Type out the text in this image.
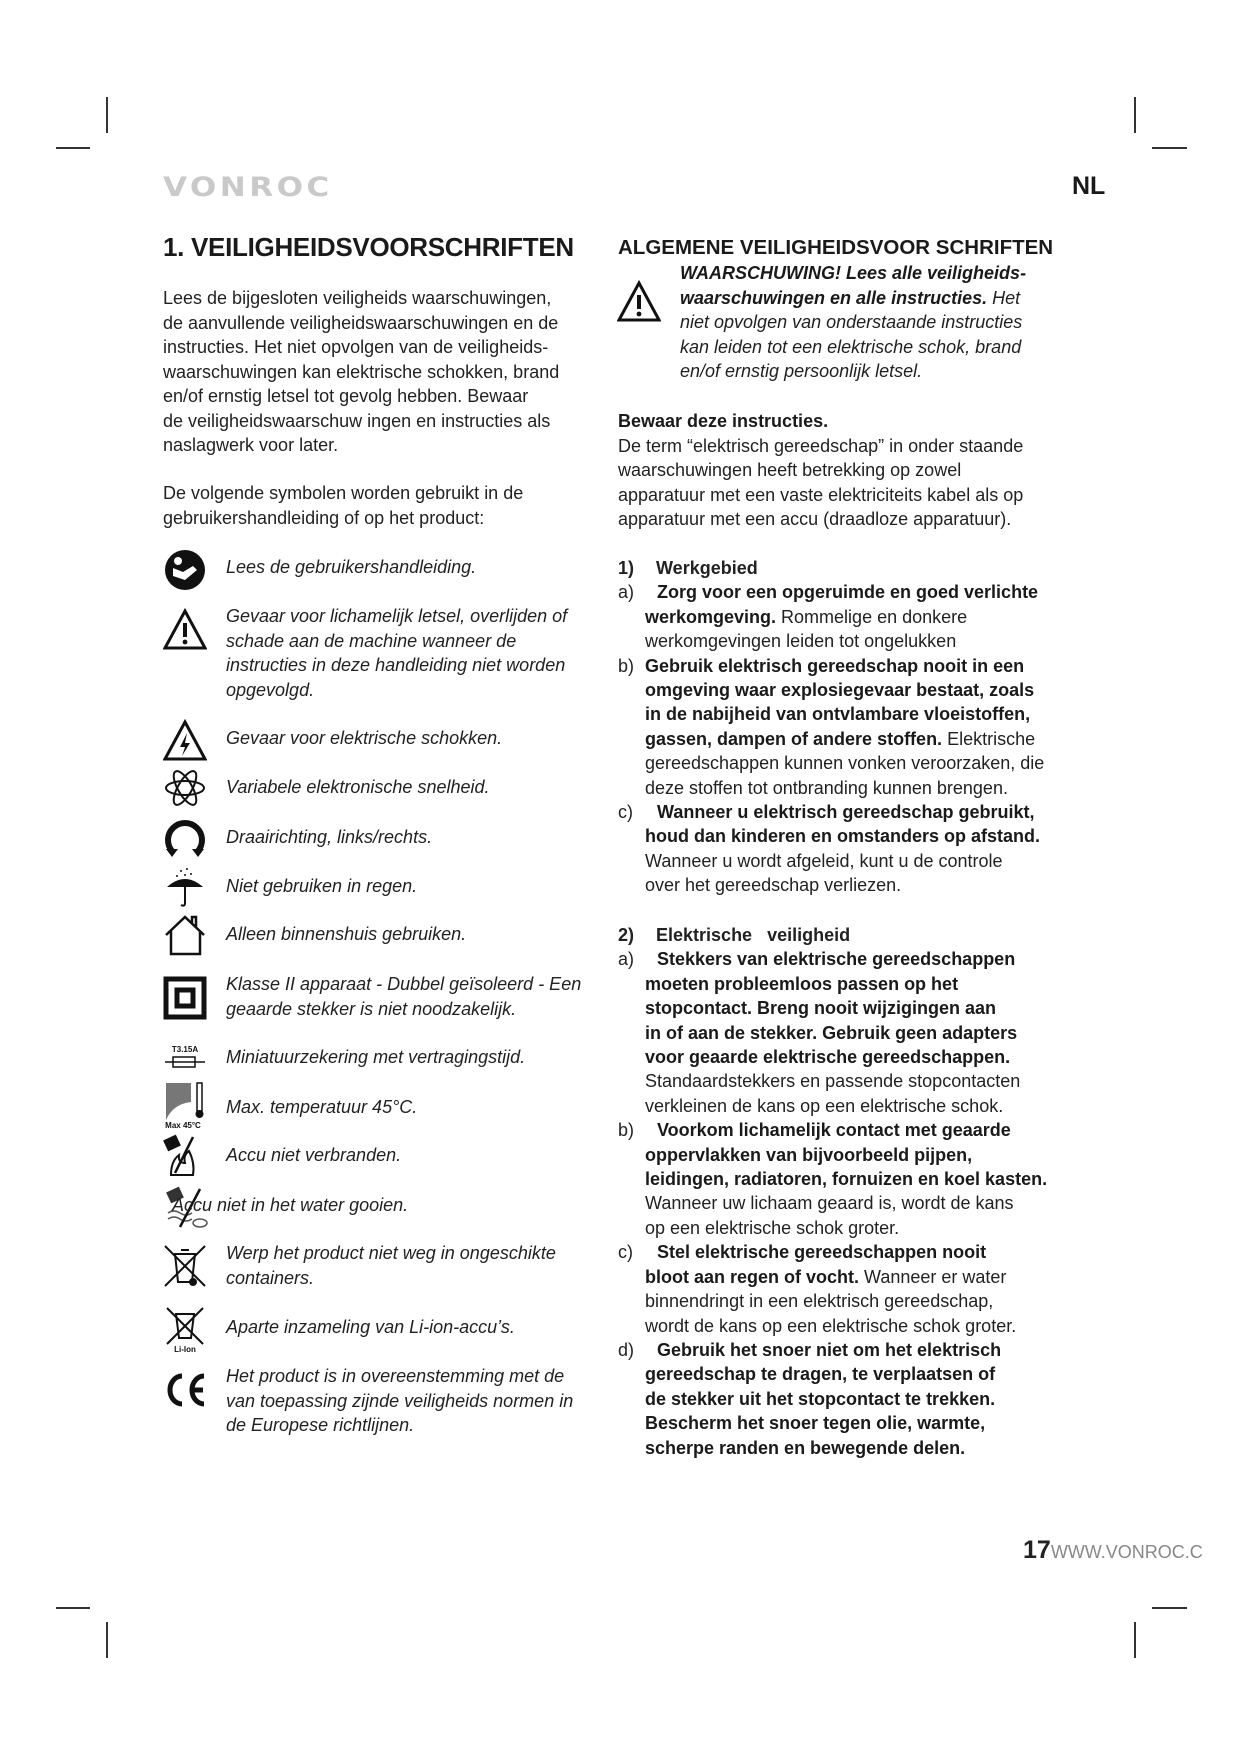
VONROC	NL
1. VEILIGHEIDSVOORSCHRIFTEN
Lees de bijgesloten veiligheids waarschuwingen,
de aanvullende veiligheidswaarschuwingen en de
instructies. Het niet opvolgen van de veiligheids-
waarschuwingen kan elektrische schokken, brand
en/of ernstig letsel tot gevolg hebben. Bewaar
de veiligheidswaarschuw ingen en instructies als
naslagwerk voor later.
De volgende symbolen worden gebruikt in de
gebruikershandleiding of op het product:
Lees de gebruikershandleiding.
Gevaar voor lichamelijk letsel, overlijden of
schade aan de machine wanneer de
instructies in deze handleiding niet worden
opgevolgd.
Gevaar voor elektrische schokken.
Variabele elektronische snelheid.
Draairichting, links/rechts.
Niet gebruiken in regen.
Alleen binnenshuis gebruiken.
Klasse II apparaat - Dubbel geïsoleerd - Een
geaarde stekker is niet noodzakelijk.
T3.15A Miniatuurzekering met vertragingstijd.
Max 45°C
Max. temperatuur 45°C.
Accu niet verbranden.
Accu niet in het water gooien.
Werp het product niet weg in ongeschikte
containers.
Li-Ion
Aparte inzameling van Li-ion-accu’s.
Het product is in overeenstemming met de
van toepassing zijnde veiligheids normen in
de Europese richtlijnen.
ALGEMENE VEILIGHEIDSVOOR SCHRIFTEN
WAARSCHUWING! Lees alle veiligheids-
waarschuwingen en alle instructies. Het
niet opvolgen van onderstaande instructies
kan leiden tot een elektrische schok, brand
en/of ernstig persoonlijk letsel.
Bewaar deze instructies.
De term “elektrisch gereedschap” in onder staande
waarschuwingen heeft betrekking op zowel
apparatuur met een vaste elektriciteits kabel als op
apparatuur met een accu (draadloze apparatuur).
1) Werkgebied
a)	Zorg voor een opgeruimde en goed verlichte
werkomgeving. Rommelige en donkere
werkomgevingen leiden tot ongelukken
b) Gebruik elektrisch gereedschap nooit in een
omgeving waar explosiegevaar bestaat, zoals
in de nabijheid van ontvlambare vloeistoffen,
gassen, dampen of andere stoffen. Elektrische
gereedschappen kunnen vonken veroorzaken, die
deze stoffen tot ontbranding kunnen brengen.
c)	Wanneer u elektrisch gereedschap gebruikt,
houd dan kinderen en omstanders op afstand.
Wanneer u wordt afgeleid, kunt u de controle
over het gereedschap verliezen.
2) Elektrische   veiligheid
a)	Stekkers van elektrische gereedschappen
moeten probleemloos passen op het
stopcontact. Breng nooit wijzigingen aan
in of aan de stekker. Gebruik geen adapters
voor geaarde elektrische gereedschappen.
Standaardstekkers en passende stopcontacten
verkleinen de kans op een elektrische schok.
b)	Voorkom lichamelijk contact met geaarde
oppervlakken van bijvoorbeeld pijpen,
leidingen, radiatoren, fornuizen en koel kasten.
Wanneer uw lichaam geaard is, wordt de kans
op een elektrische schok groter.
c)	Stel elektrische gereedschappen nooit
bloot aan regen of vocht. Wanneer er water
binnendringt in een elektrisch gereedschap,
wordt de kans op een elektrische schok groter.
d)	Gebruik het snoer niet om het elektrisch
gereedschap te dragen, te verplaatsen of
de stekker uit het stopcontact te trekken.
Bescherm het snoer tegen olie, warmte,
scherpe randen en bewegende delen.
17WWW.VONROC.C
